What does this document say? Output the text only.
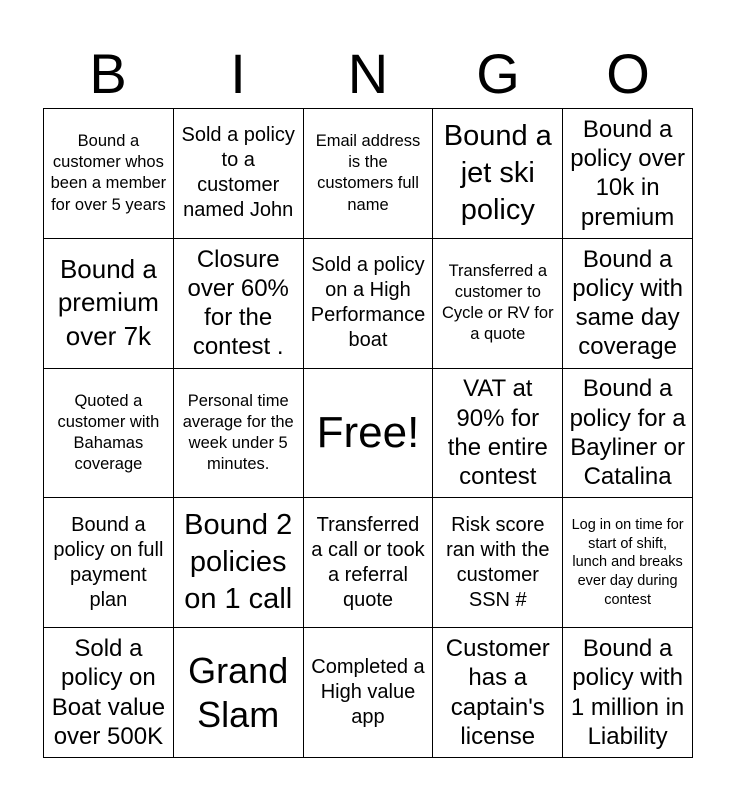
B	I	N	G	O
Bound a customer whos been a member for over 5 years
Sold a policy to a customer named John
Email address is the customers full name
Bound a jet ski policy
Bound a policy over 10k in premium
Bound a premium over 7k
Closure over 60% for the contest .
Sold a policy on a High Performance boat
Transferred a customer to Cycle or RV for a quote
Bound a policy with same day coverage
Quoted a customer with Bahamas coverage
Personal time average for the week under 5 minutes.
Free!
VAT at 90% for the entire contest
Bound a policy for a Bayliner or Catalina
Bound a policy on full payment plan
Bound 2 policies on 1 call
Transferred a call or took a referral quote
Risk score ran with the customer SSN #
Log in on time for start of shift, lunch and breaks ever day during contest
Sold a policy on Boat value over 500K
Grand Slam
Completed a High value app
Customer has a captain's license
Bound a policy with 1 million in Liability
